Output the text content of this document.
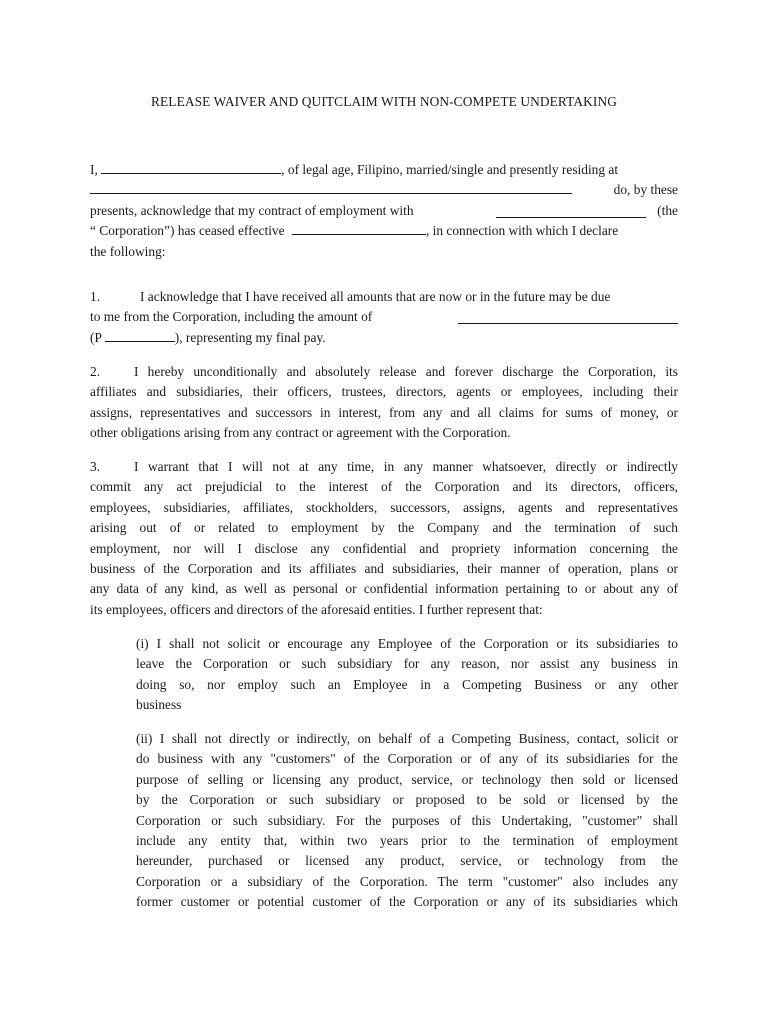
RELEASE WAIVER AND QUITCLAIM WITH NON-COMPETE UNDERTAKING
I,	, of legal age, Filipino, married/single and presently residing at
do, by these
presents, acknowledge that my contract of employment with	(the
“ Corporation”) has ceased effective	, in connection with which I declare
the following:
1.	I acknowledge that I have received all amounts that are now or in the future may be due
to me from the Corporation, including the amount of
(P	), representing my final pay.
2.	I hereby unconditionally and absolutely release and forever discharge the Corporation, its
affiliates and subsidiaries, their officers, trustees, directors, agents or employees, including their
assigns, representatives and successors in interest, from any and all claims for sums of money, or
other obligations arising from any contract or agreement with the Corporation.
3.	I warrant that I will not at any time, in any manner whatsoever, directly or indirectly
commit any act prejudicial to the interest of the Corporation and its directors, officers,
employees, subsidiaries, affiliates, stockholders, successors, assigns, agents and representatives
arising out of or related to employment by the Company and the termination of such
employment, nor will I disclose any confidential and propriety information concerning the
business of the Corporation and its affiliates and subsidiaries, their manner of operation, plans or
any data of any kind, as well as personal or confidential information pertaining to or about any of
its employees, officers and directors of the aforesaid entities. I further represent that:
(i) I shall not solicit or encourage any Employee of the Corporation or its subsidiaries to
leave the Corporation or such subsidiary for any reason, nor assist any business in
doing so, nor employ such an Employee in a Competing Business or any other
business
(ii) I shall not directly or indirectly, on behalf of a Competing Business, contact, solicit or
do business with any "customers" of the Corporation or of any of its subsidiaries for the
purpose of selling or licensing any product, service, or technology then sold or licensed
by the Corporation or such subsidiary or proposed to be sold or licensed by the
Corporation or such subsidiary. For the purposes of this Undertaking, "customer" shall
include any entity that, within two years prior to the termination of employment
hereunder, purchased or licensed any product, service, or technology from the
Corporation or a subsidiary of the Corporation. The term "customer" also includes any
former customer or potential customer of the Corporation or any of its subsidiaries which
